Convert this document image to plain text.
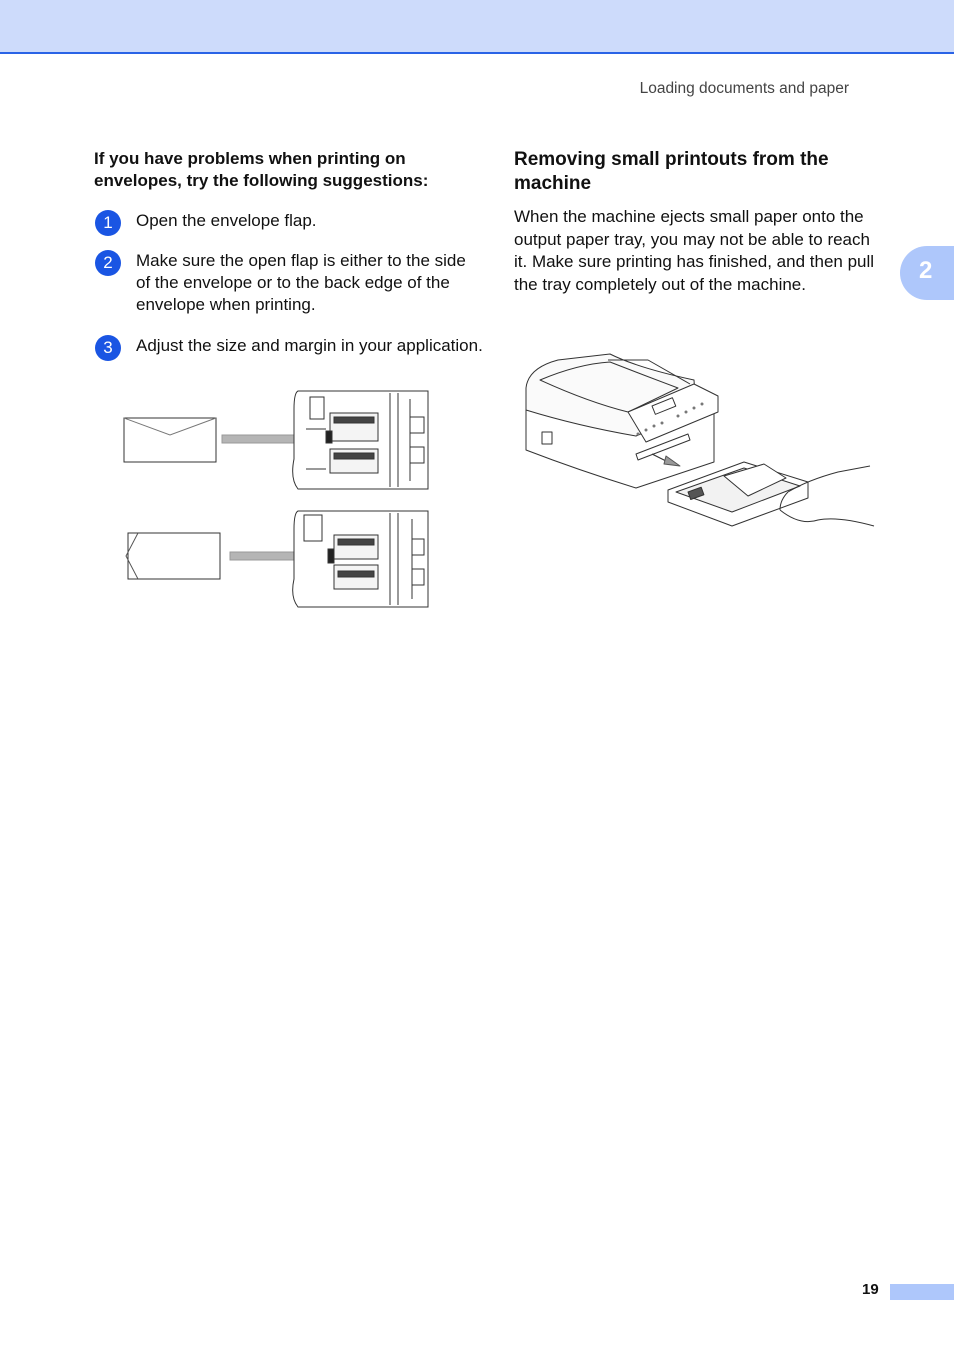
Loading documents and paper
2

If you have problems when printing on envelopes, try the following suggestions:

1	Open the envelope flap.
2	Make sure the open flap is either to the side of the envelope or to the back edge of the envelope when printing.
3	Adjust the size and margin in your application.
Removing small printouts from the machine

When the machine ejects small paper onto the output paper tray, you may not be able to reach it. Make sure printing has finished, and then pull the tray completely out of the machine.

19
